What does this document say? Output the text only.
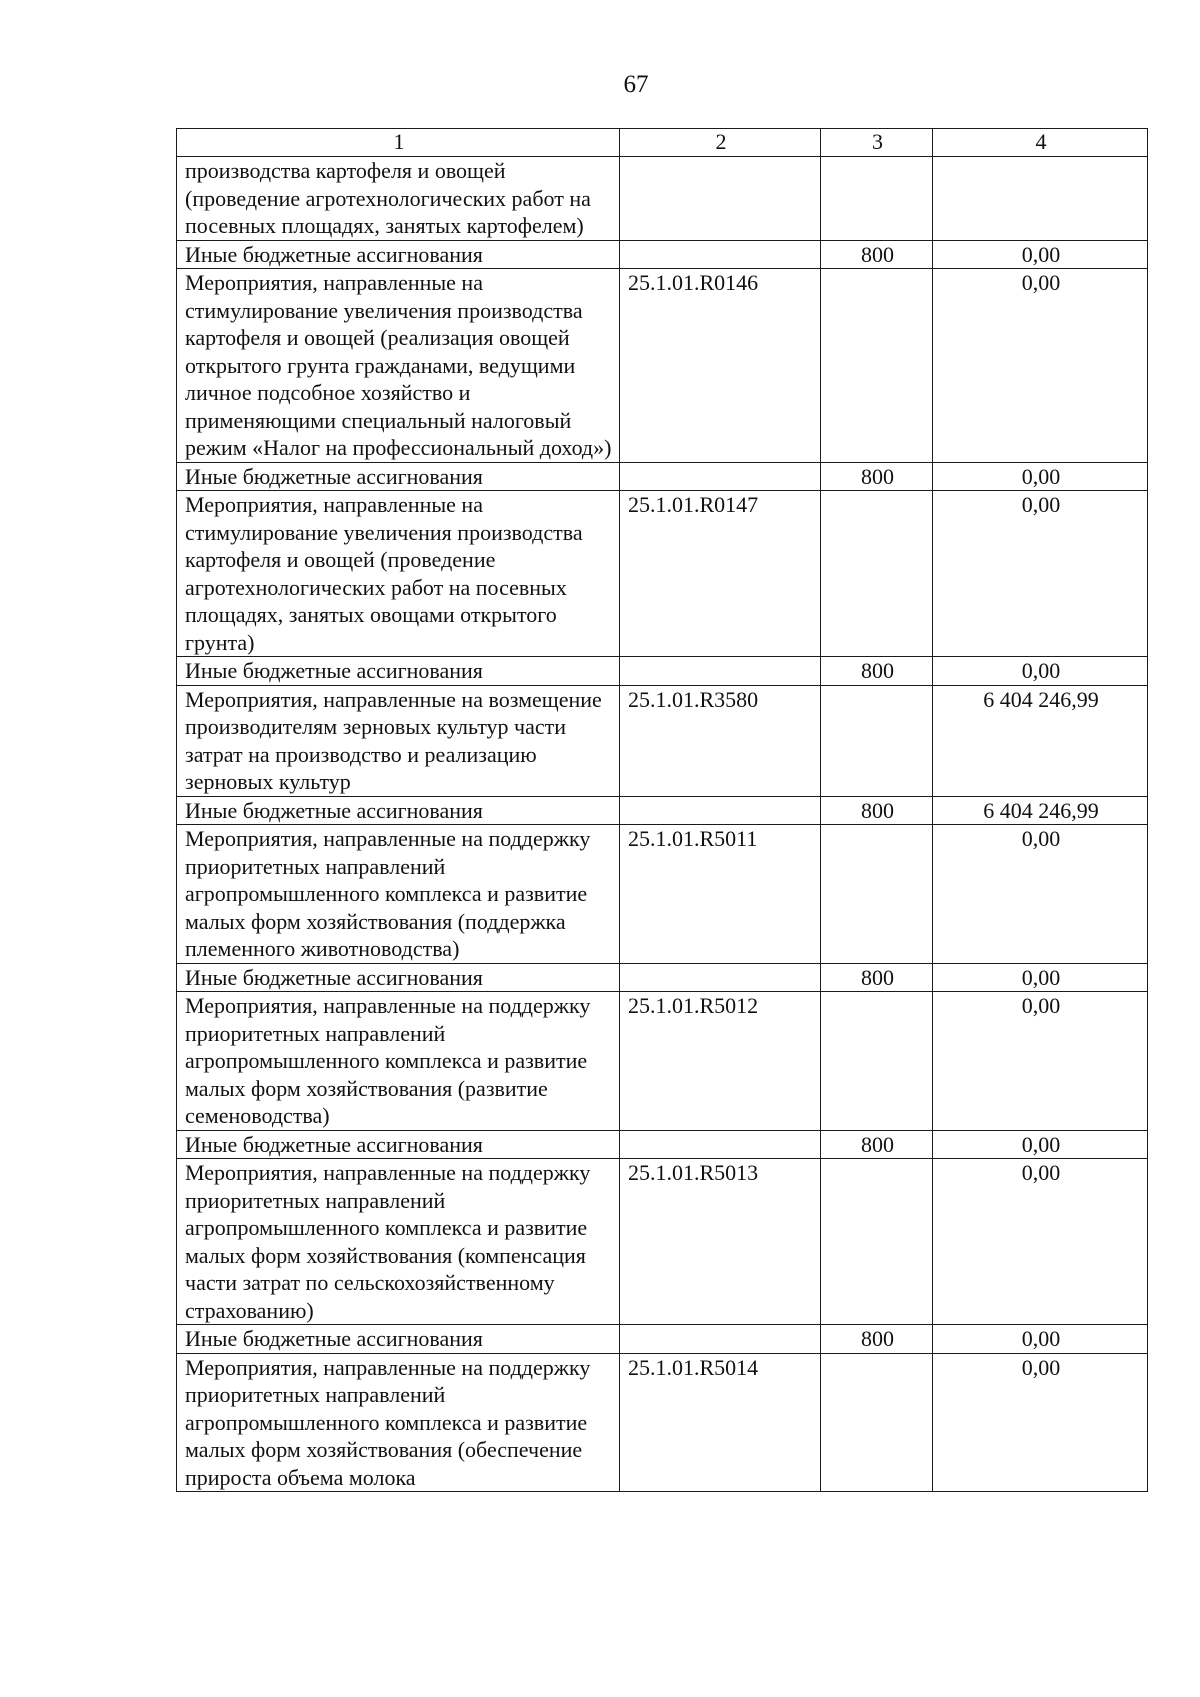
67
1	2	3	4
производства картофеля и овощей (проведение агротехнологических работ на посевных площадях, занятых картофелем)			
Иные бюджетные ассигнования		800	0,00
Мероприятия, направленные на стимулирование увеличения производства картофеля и овощей (реализация овощей открытого грунта гражданами, ведущими личное подсобное хозяйство и применяющими специальный налоговый режим «Налог на профессиональный доход»)	25.1.01.R0146		0,00
Иные бюджетные ассигнования		800	0,00
Мероприятия, направленные на стимулирование увеличения производства картофеля и овощей (проведение агротехнологических работ на посевных площадях, занятых овощами открытого грунта)	25.1.01.R0147		0,00
Иные бюджетные ассигнования		800	0,00
Мероприятия, направленные на возмещение производителям зерновых культур части затрат на производство и реализацию зерновых культур	25.1.01.R3580		6 404 246,99
Иные бюджетные ассигнования		800	6 404 246,99
Мероприятия, направленные на поддержку приоритетных направлений агропромышленного комплекса и развитие малых форм хозяйствования (поддержка племенного животноводства)	25.1.01.R5011		0,00
Иные бюджетные ассигнования		800	0,00
Мероприятия, направленные на поддержку приоритетных направлений агропромышленного комплекса и развитие малых форм хозяйствования (развитие семеноводства)	25.1.01.R5012		0,00
Иные бюджетные ассигнования		800	0,00
Мероприятия, направленные на поддержку приоритетных направлений агропромышленного комплекса и развитие малых форм хозяйствования (компенсация части затрат по сельскохозяйственному страхованию)	25.1.01.R5013		0,00
Иные бюджетные ассигнования		800	0,00
Мероприятия, направленные на поддержку приоритетных направлений агропромышленного комплекса и развитие малых форм хозяйствования (обеспечение прироста объема молока	25.1.01.R5014		0,00
